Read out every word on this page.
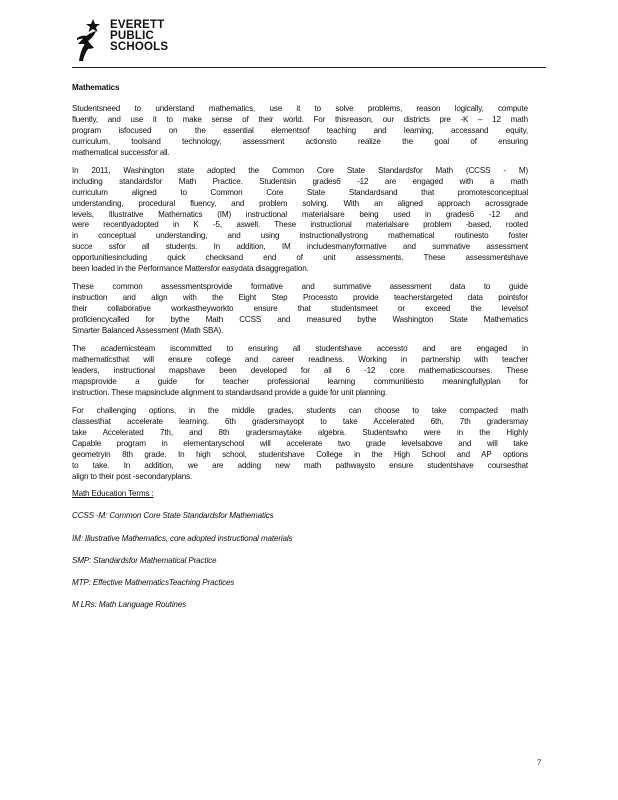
EVERETT
PUBLIC
SCHOOLS
Mathematics
Studentsneed to understand mathematics, use it to solve problems, reason logically, compute
fluently, and use it to make sense of their world. For thisreason, our districts pre -K – 12 math
program isfocused on the essential elementsof teaching and learning, accessand equity,
curriculum, toolsand technology, assessment actionsto realize the goal of ensuring
mathematical successfor all.
In 2011, Washington state adopted the Common Core State Standardsfor Math (CCSS - M)
including standardsfor Math Practice. Studentsin grades6 -12 are engaged with a math
curriculum aligned to Common Core State Standardsand that promotesconceptual
understanding, procedural fluency, and problem solving. With an aligned approach acrossgrade
levels, Illustrative Mathematics (IM) instructional materialsare being used in grades6 -12 and
were recentlyadopted in K -5, aswell. These instructional materialsare problem -based, rooted
in conceptual understanding, and using instructionallystrong mathematical routinesto foster
succe ssfor all students. In addition, IM includesmanyformative and summative assessment
opportunitiesincluding quick checksand end of unit assessments. These assessmentshave
been loaded in the Performance Mattersfor easydata disaggregation.
These common assessmentsprovide formative and summative assessment data to guide
instruction and align with the Eight Step Processto provide teacherstargeted data pointsfor
their collaborative workastheyworkto ensure that studentsmeet or exceed the levelsof
proficiencycalled for bythe Math CCSS and measured bythe Washington State Mathematics
Smarter Balanced Assessment (Math SBA).
The academicsteam iscommitted to ensuring all studentshave accessto and are engaged in
mathematicsthat will ensure college and career readiness. Working in partnership with teacher
leaders, instructional mapshave been developed for all 6 -12 core mathematicscourses. These
mapsprovide a guide for teacher professional learning communitiesto meaningfullyplan for
instruction. These mapsinclude alignment to standardsand provide a guide for unit planning.
For challenging options, in the middle grades, students can choose to take compacted math
classesthat accelerate learning. 6th gradersmayopt to take Accelerated 6th, 7th gradersmay
take Accelerated 7th, and 8th gradersmaytake algebra. Studentswho were in the Highly
Capable program in elementaryschool will accelerate two grade levelsabove and will take
geometryin 8th grade. In high school, studentshave College in the High School and AP options
to take. In addition, we are adding new math pathwaysto ensure studentshave coursesthat
align to their post -secondaryplans.
Math Education Terms :
CCSS -M: Common Core State Standardsfor Mathematics
IM: Illustrative Mathematics, core adopted instructional materials
SMP: Standardsfor Mathematical Practice
MTP: Effective MathematicsTeaching Practices
M LRs: Math Language Routines
7
